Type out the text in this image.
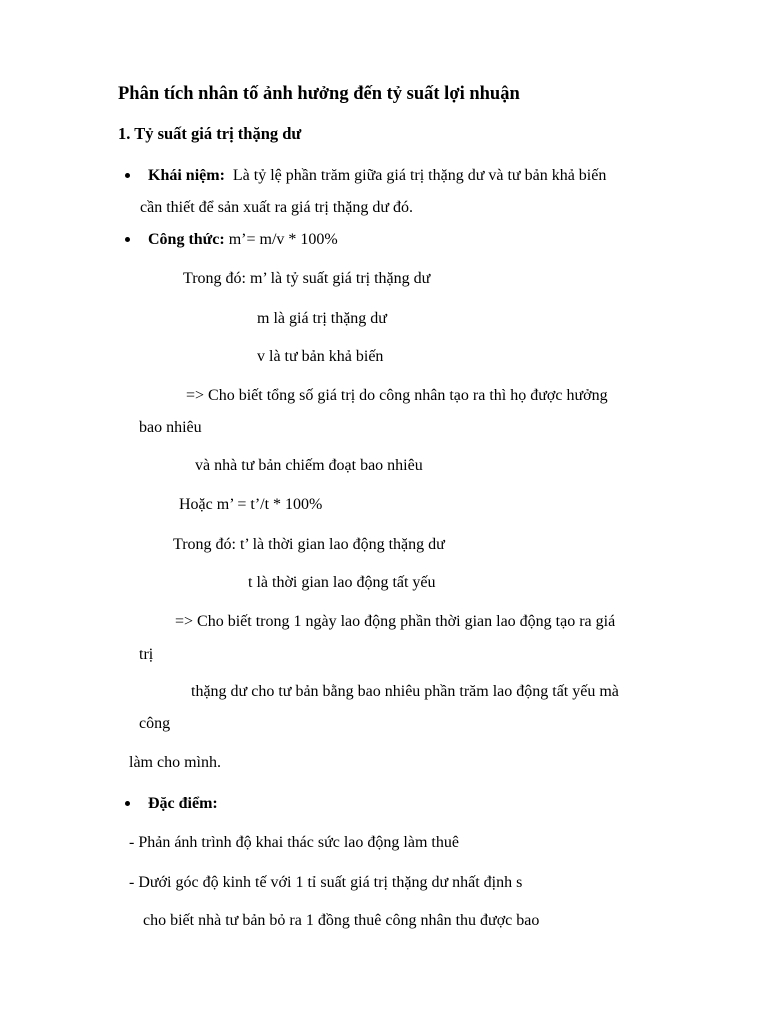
Phân tích nhân tố ảnh hưởng đến tỷ suất lợi nhuận
1. Tỷ suất giá trị thặng dư
Khái niệm: Là tỷ lệ phần trăm giữa giá trị thặng dư và tư bản khả biến
cần thiết để sản xuất ra giá trị thặng dư đó.
Công thức: m’= m/v * 100%
Trong đó: m’ là tỷ suất giá trị thặng dư
m là giá trị thặng dư
v là tư bản khả biến
=> Cho biết tổng số giá trị do công nhân tạo ra thì họ được hưởng
bao nhiêu
và nhà tư bản chiếm đoạt bao nhiêu
Hoặc m’ = t’/t * 100%
Trong đó: t’ là thời gian lao động thặng dư
t là thời gian lao động tất yếu
=> Cho biết trong 1 ngày lao động phần thời gian lao động tạo ra giá
trị
thặng dư cho tư bản bằng bao nhiêu phần trăm lao động tất yếu mà
công
làm cho mình.
Đặc điểm:
- Phản ánh trình độ khai thác sức lao động làm thuê
- Dưới góc độ kinh tế với 1 tỉ suất giá trị thặng dư nhất định s
cho biết nhà tư bản bỏ ra 1 đồng thuê công nhân thu được bao
